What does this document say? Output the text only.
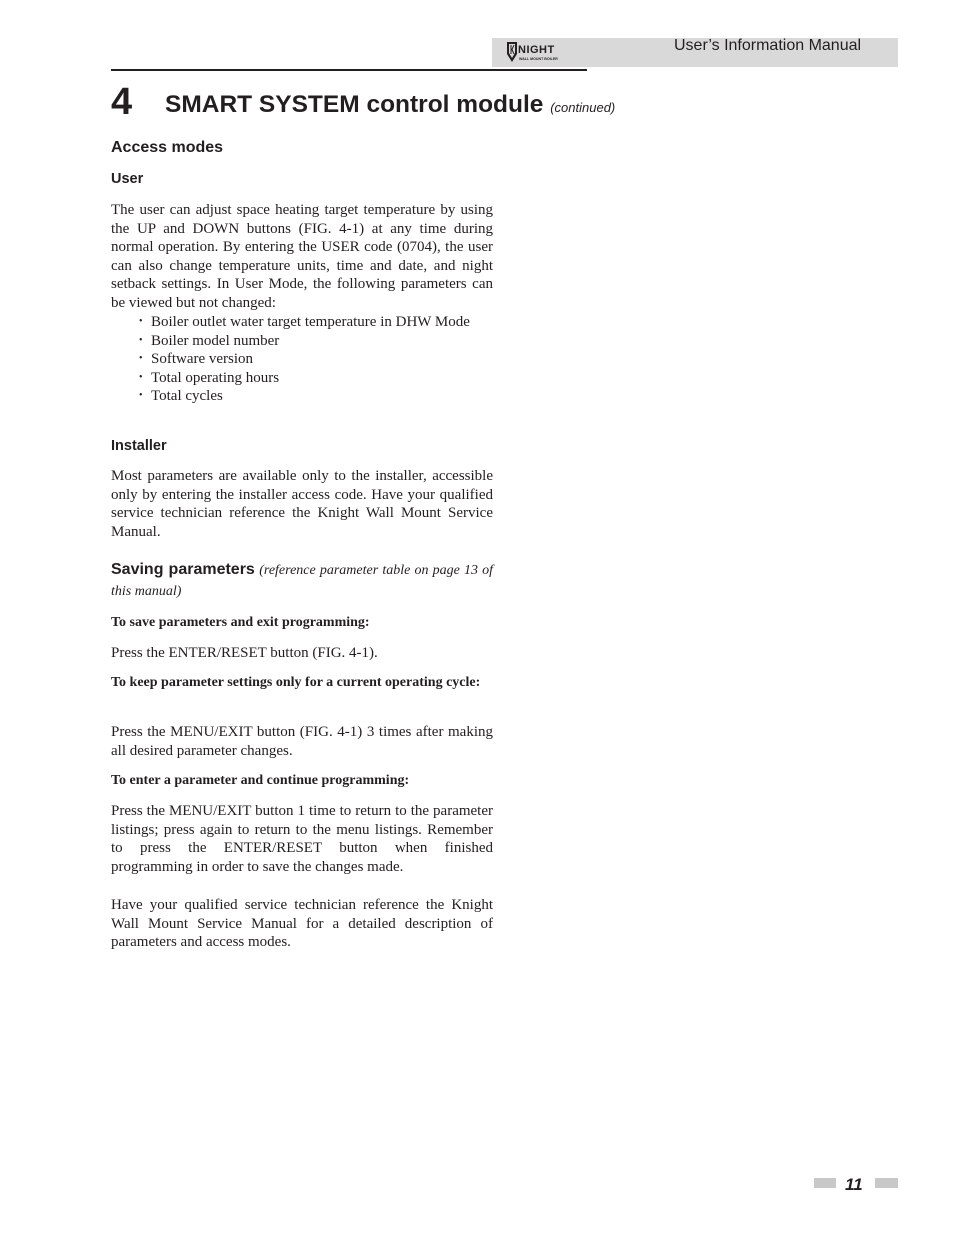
NIGHT
WALL MOUNT BOILER
User’s Information Manual
4 SMART SYSTEM control module (continued)
Access modes
User
The user can adjust space heating target temperature by using the UP and DOWN buttons (FIG. 4-1) at any time during normal operation. By entering the USER code (0704), the user can also change temperature units, time and date, and night setback settings. In User Mode, the following parameters can be viewed but not changed:
• Boiler outlet water target temperature in DHW Mode
• Boiler model number
• Software version
• Total operating hours
• Total cycles
Installer
Most parameters are available only to the installer, accessible only by entering the installer access code. Have your qualified service technician reference the Knight Wall Mount Service Manual.
Saving parameters (reference parameter table on page 13 of this manual)
To save parameters and exit programming:
Press the ENTER/RESET button (FIG. 4-1).
To keep parameter settings only for a current operating cycle:
Press the MENU/EXIT button (FIG. 4-1) 3 times after making all desired parameter changes.
To enter a parameter and continue programming:
Press the MENU/EXIT button 1 time to return to the parameter listings; press again to return to the menu listings. Remember to press the ENTER/RESET button when finished programming in order to save the changes made.
Have your qualified service technician reference the Knight Wall Mount Service Manual for a detailed description of parameters and access modes.
11
